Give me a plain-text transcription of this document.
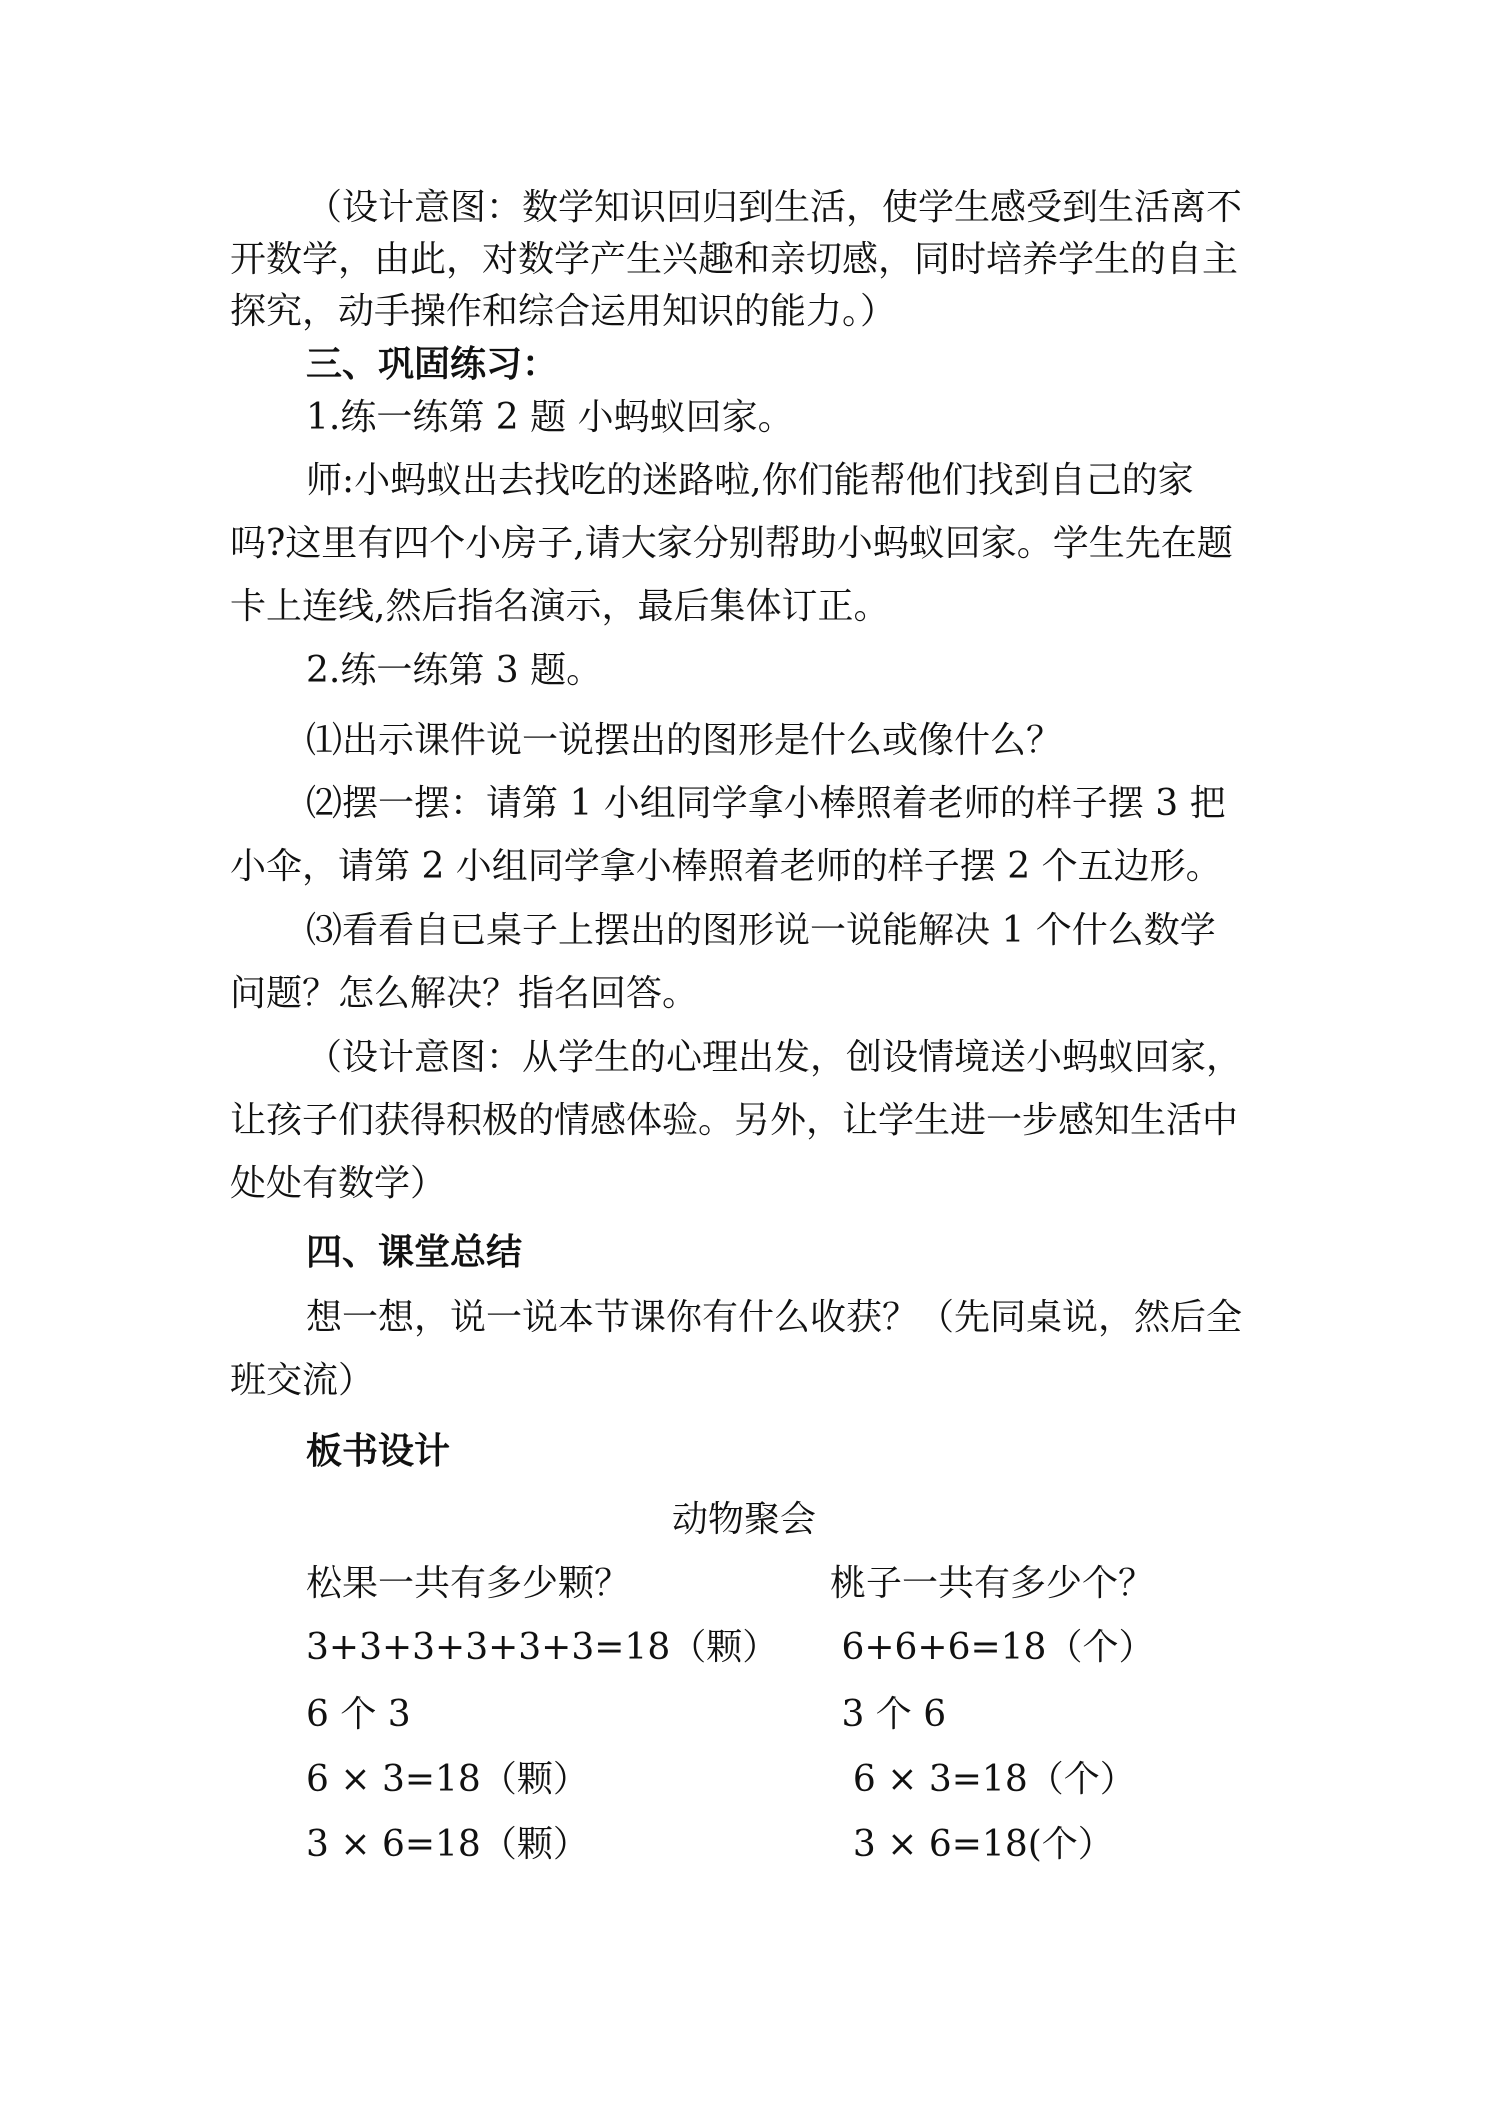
（设计意图：数学知识回归到生活，使学生感受到生活离不
开数学，由此，对数学产生兴趣和亲切感，同时培养学生的自主
探究，动手操作和综合运用知识的能力。）
三、巩固练习：
1.练一练第 2 题 小蚂蚁回家。
师:小蚂蚁出去找吃的迷路啦,你们能帮他们找到自己的家
吗?这里有四个小房子,请大家分别帮助小蚂蚁回家。学生先在题
卡上连线,然后指名演示，最后集体订正。
2.练一练第 3 题。
⑴出示课件说一说摆出的图形是什么或像什么？
⑵摆一摆：请第 1 小组同学拿小棒照着老师的样子摆 3 把
小伞，请第 2 小组同学拿小棒照着老师的样子摆 2 个五边形。
⑶看看自已桌子上摆出的图形说一说能解决 1 个什么数学
问题？怎么解决？指名回答。
（设计意图：从学生的心理出发，创设情境送小蚂蚁回家，
让孩子们获得积极的情感体验。另外，让学生进一步感知生活中
处处有数学）
四、课堂总结
想一想，说一说本节课你有什么收获？（先同桌说，然后全
班交流）
板书设计
动物聚会
松果一共有多少颗？
3+3+3+3+3+3=18（颗）
6 个 3
6 × 3=18（颗）
3 × 6=18（颗）
桃子一共有多少个？
6+6+6=18（个）
3 个 6
6 × 3=18（个）
3 × 6=18(个）
